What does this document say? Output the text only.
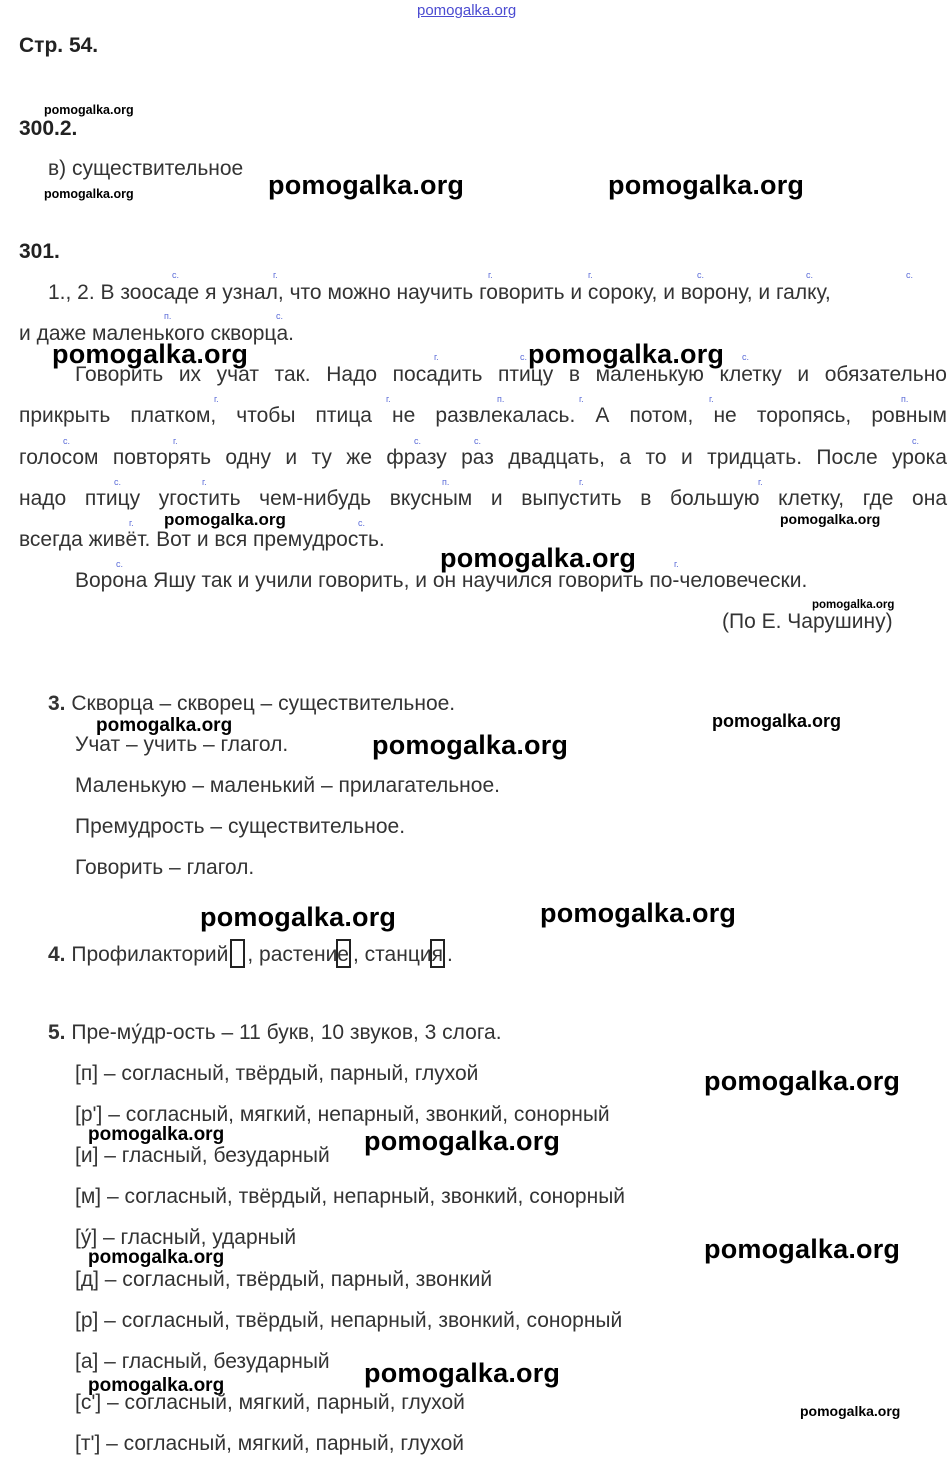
pomogalka.org
Стр. 54.
pomogalka.org
300.2.
в) существительное
pomogalka.org	pomogalka.org	pomogalka.org
301.
с.	г.	г.	г.	с.	с.	с.
1., 2. В зоосаде я узнал, что можно научить говорить и сороку, и ворону, и галку,
п.	с.
и даже маленького скворца.
pomogalka.org	pomogalka.org
г.	с.	с.
Говорить их учат так. Надо посадить птицу в маленькую клетку и обязательно
г.	г.	п.	г.	г.	п.
прикрыть платком, чтобы птица не развлекалась. А потом, не торопясь, ровным
с.	г.	с.	с.	с.
голосом повторять одну и ту же фразу раз двадцать, а то и тридцать. После урока
с.	г.	п.	г.	г.
надо птицу угостить чем-нибудь вкусным и выпустить в большую клетку, где она
pomogalka.org	pomogalka.org
г.	с.
всегда живёт. Вот и вся премудрость.
pomogalka.org
с.	г.
Ворона Яшу так и учили говорить, и он научился говорить по-человечески.
pomogalka.org
(По Е. Чарушину)
3. Скворца – скворец – существительное.
pomogalka.org	pomogalka.org
Учат – учить – глагол.	pomogalka.org
Маленькую – маленький – прилагательное.
Премудрость – существительное.
Говорить – глагол.
pomogalka.org	pomogalka.org
4. Профилакторий , растение , станция .
5. Пре-му́др-ость – 11 букв, 10 звуков, 3 слога.
[п] – согласный, твёрдый, парный, глухой	pomogalka.org
[р'] – согласный, мягкий, непарный, звонкий, сонорный
pomogalka.org	pomogalka.org
[и] – гласный, безударный
[м] – согласный, твёрдый, непарный, звонкий, сонорный
[у́] – гласный, ударный	pomogalka.org
pomogalka.org
[д] – согласный, твёрдый, парный, звонкий
[р] – согласный, твёрдый, непарный, звонкий, сонорный
[а] – гласный, безударный pomogalka.org
pomogalka.org
[с'] – согласный, мягкий, парный, глухой	pomogalka.org
[т'] – согласный, мягкий, парный, глухой
